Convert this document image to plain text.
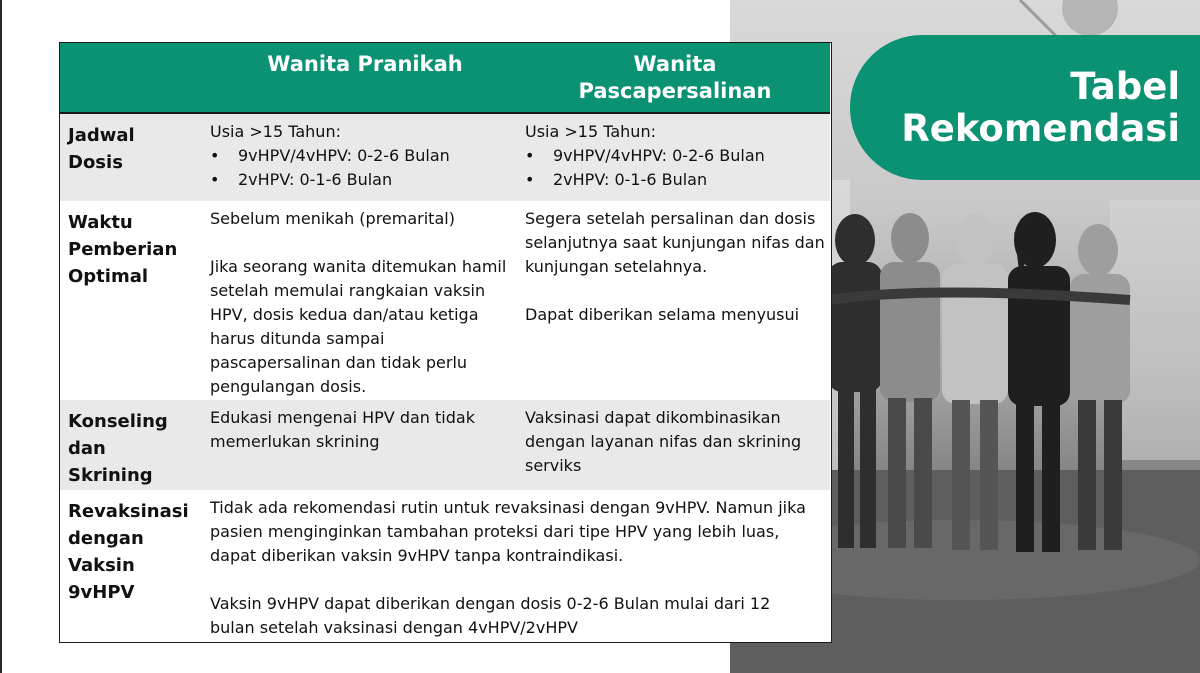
Tabel
Rekomendasi
Wanita Pranikah	Wanita
Pascapersalinan
Jadwal Dosis

Usia >15 Tahun:

• 9vHPV/4vHPV: 0-2-6 Bulan
• 2vHPV: 0-1-6 Bulan

Usia >15 Tahun:

• 9vHPV/4vHPV: 0-2-6 Bulan
• 2vHPV: 0-1-6 Bulan
Waktu Pemberian Optimal

Sebelum menikah (premarital)

Jika seorang wanita ditemukan hamil setelah memulai rangkaian vaksin HPV, dosis kedua dan/atau ketiga harus ditunda sampai pascapersalinan dan tidak perlu pengulangan dosis.

Segera setelah persalinan dan dosis selanjutnya saat kunjungan nifas dan kunjungan setelahnya.

Dapat diberikan selama menyusui

Konseling dan Skrining

Edukasi mengenai HPV dan tidak memerlukan skrining

Vaksinasi dapat dikombinasikan dengan layanan nifas dan skrining serviks

Revaksinasi dengan Vaksin 9vHPV

Tidak ada rekomendasi rutin untuk revaksinasi dengan 9vHPV. Namun jika pasien menginginkan tambahan proteksi dari tipe HPV yang lebih luas, dapat diberikan vaksin 9vHPV tanpa kontraindikasi.

Vaksin 9vHPV dapat diberikan dengan dosis 0-2-6 Bulan mulai dari 12 bulan setelah vaksinasi dengan 4vHPV/2vHPV
